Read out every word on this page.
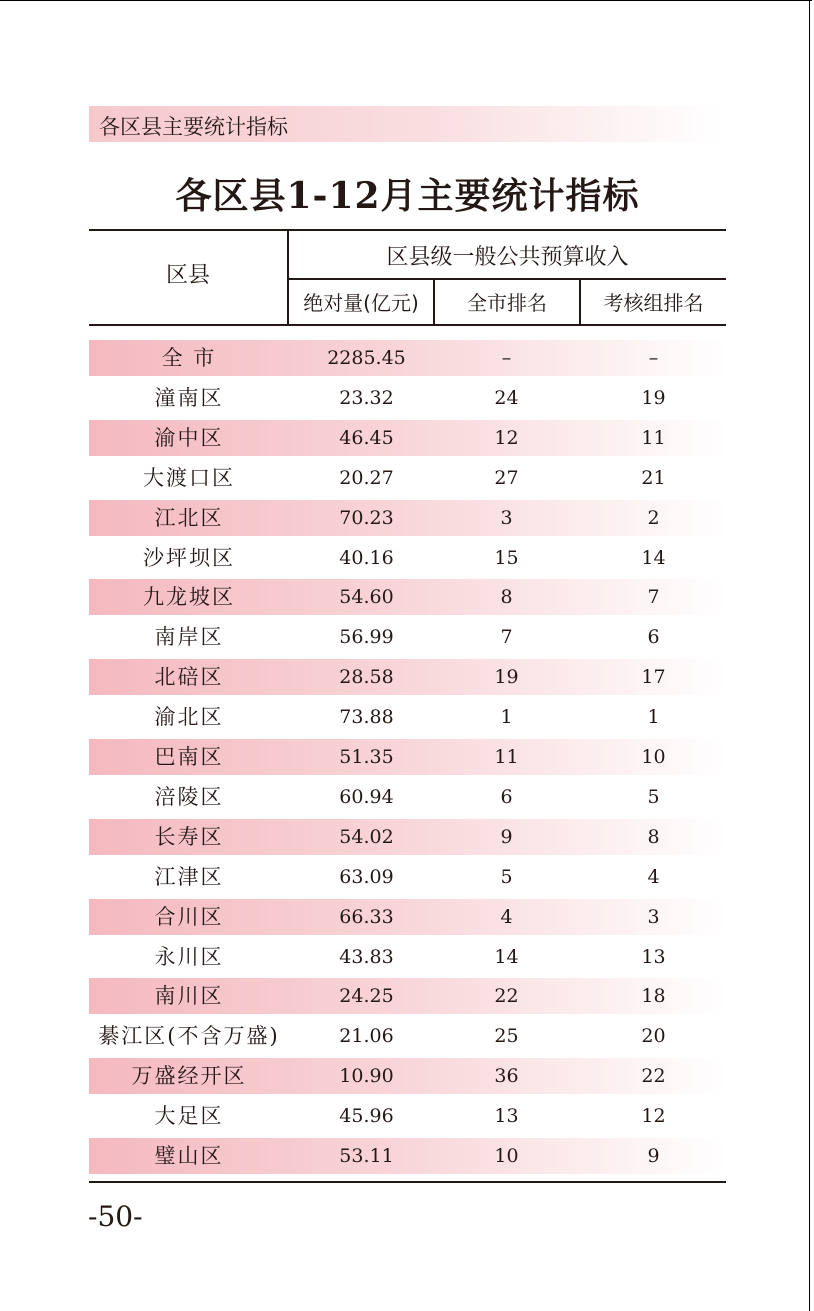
各区县主要统计指标
各区县1-12月主要统计指标
区县
区县级一般公共预算收入
绝对量(亿元)	全市排名	考核组排名
全 市	2285.45	–	–
潼南区	23.32	24	19
渝中区	46.45	12	11
大渡口区	20.27	27	21
江北区	70.23	3	2
沙坪坝区	40.16	15	14
九龙坡区	54.60	8	7
南岸区	56.99	7	6
北碚区	28.58	19	17
渝北区	73.88	1	1
巴南区	51.35	11	10
涪陵区	60.94	6	5
长寿区	54.02	9	8
江津区	63.09	5	4
合川区	66.33	4	3
永川区	43.83	14	13
南川区	24.25	22	18
綦江区(不含万盛)	21.06	25	20
万盛经开区	10.90	36	22
大足区	45.96	13	12
璧山区	53.11	10	9
-50-
